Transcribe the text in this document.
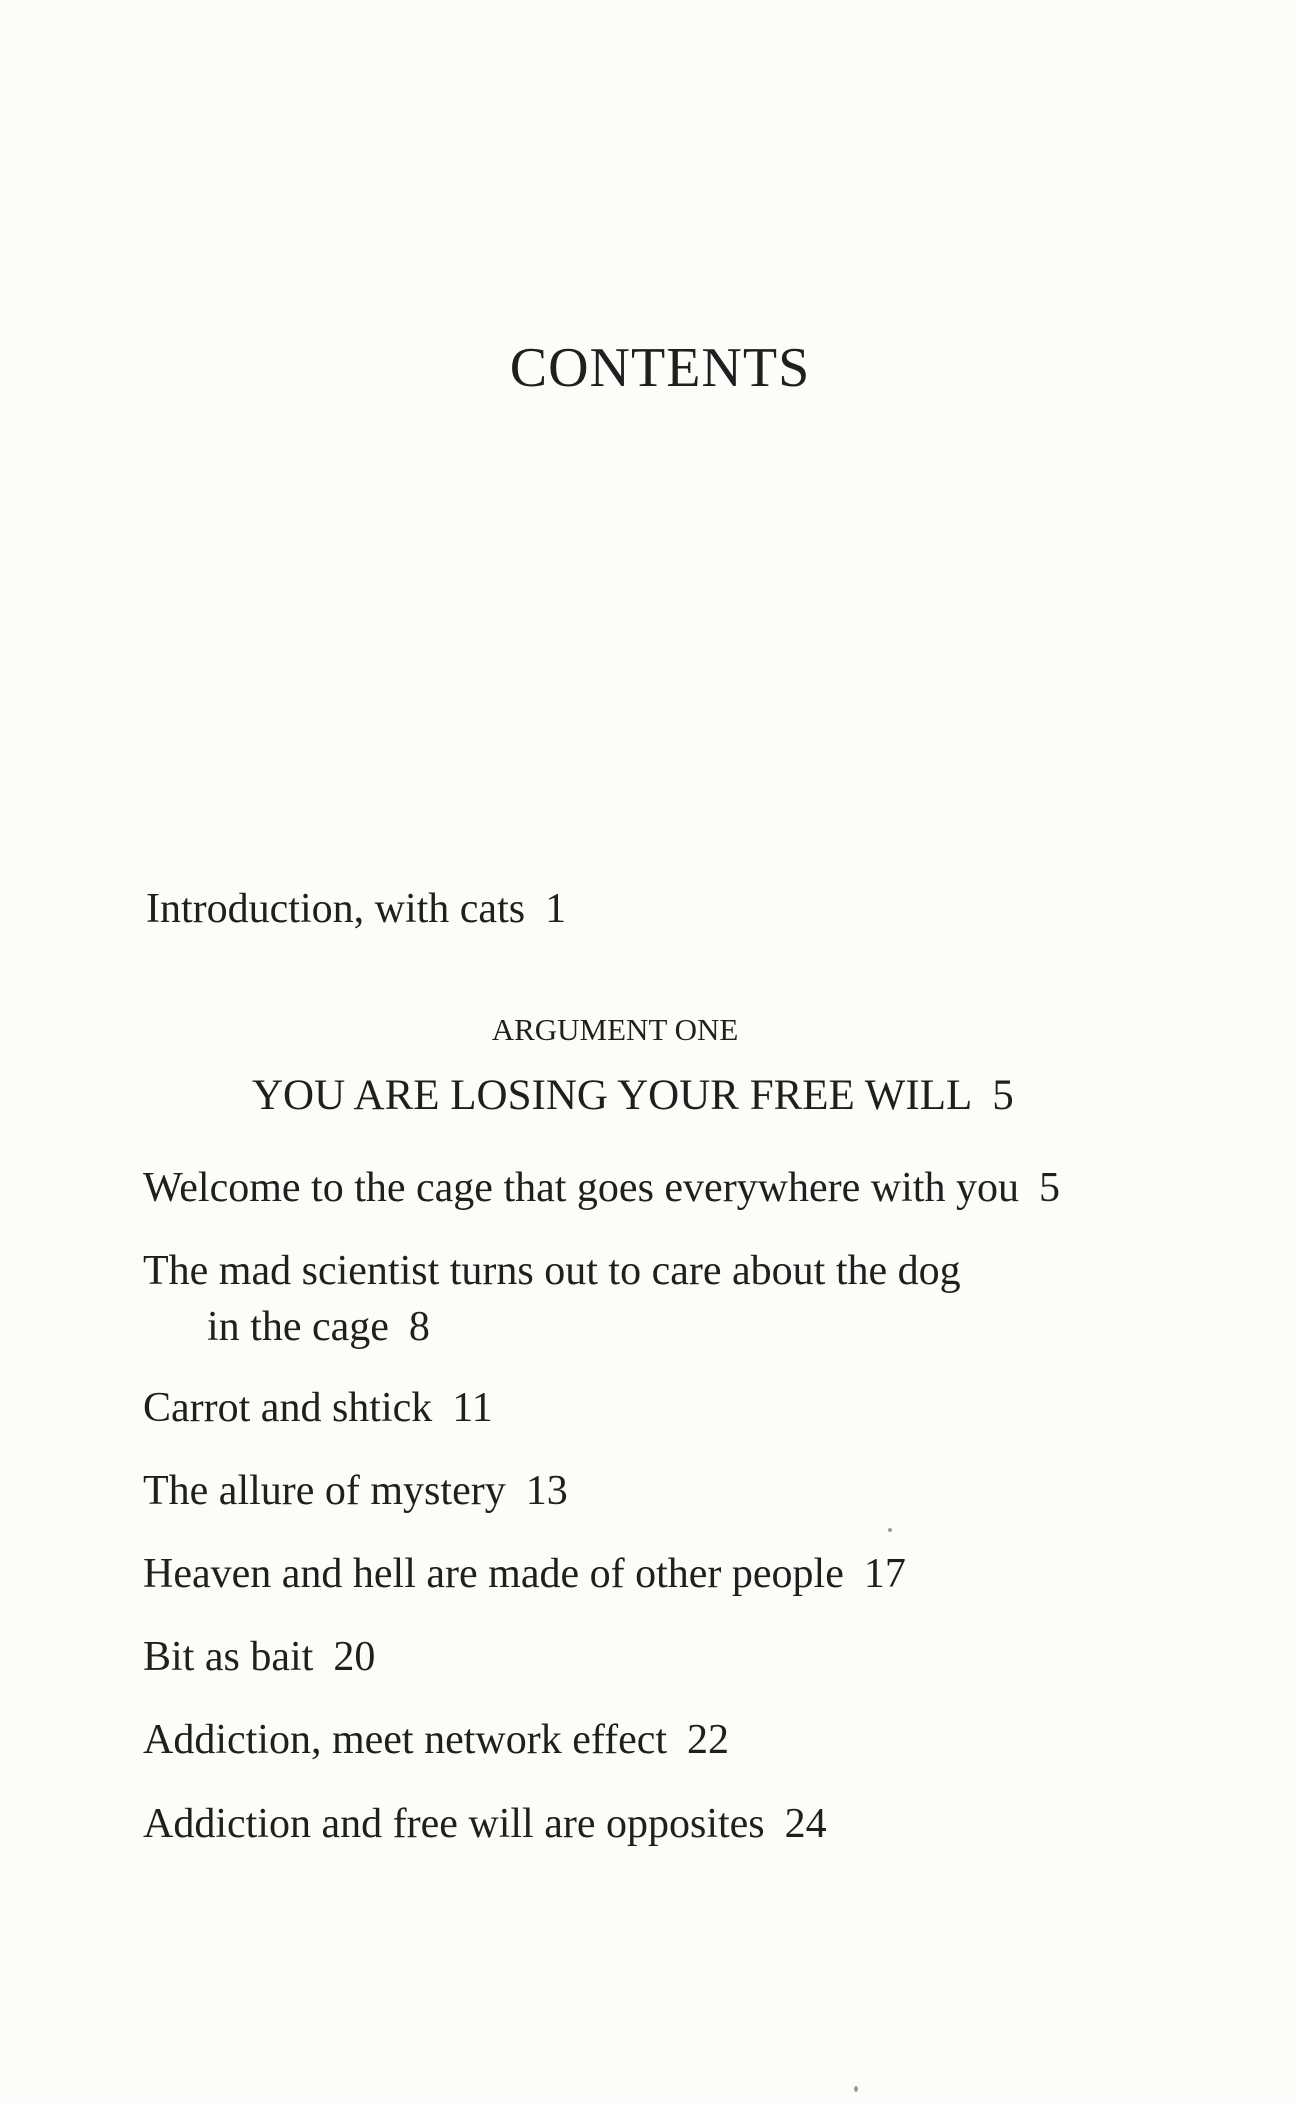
CONTENTS
Introduction, with cats 1
ARGUMENT ONE
YOU ARE LOSING YOUR FREE WILL 5
Welcome to the cage that goes everywhere with you 5
The mad scientist turns out to care about the dog
in the cage 8
Carrot and shtick 11
The allure of mystery 13
Heaven and hell are made of other people 17
Bit as bait 20
Addiction, meet network effect 22
Addiction and free will are opposites 24
